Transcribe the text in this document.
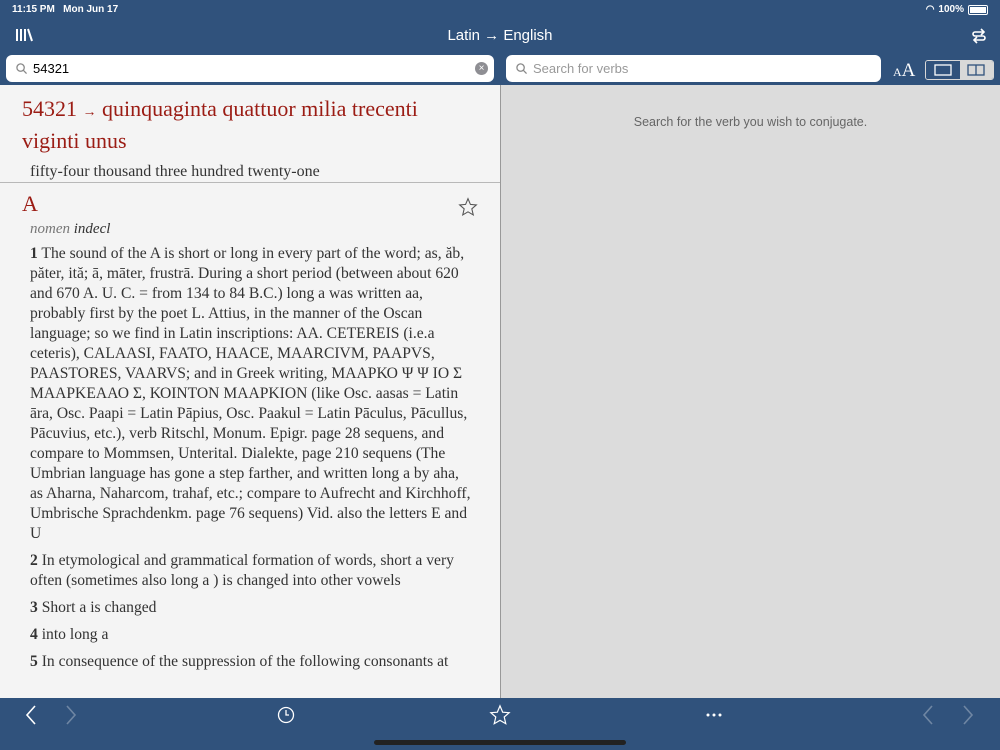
11:15 PM Mon Jun 17	◠ 100%
Latin → English
54321
×
Search for verbs	AA
54321 → quinquaginta quattuor milia trecenti viginti unus
fifty-four thousand three hundred twenty-one
A
nomen indecl
1 The sound of the A is short or long in every part of the word; as, ăb, păter, ită; ā, māter, frustrā. During a short period (between about 620 and 670 A. U. C. = from 134 to 84 B.C.) long a was written aa, probably first by the poet L. Attius, in the manner of the Oscan language; so we find in Latin inscriptions: AA. CETEREIS (i.e.a ceteris), CALAASI, FAATO, HAACE, MAARCIVM, PAAPVS, PAASTORES, VAARVS; and in Greek writing, ΜΑΑΡΚΟ Ψ Ψ ΙΟ Σ ΜΑΑΡΚΕΑΑΟ Σ, ΚΟΙΝΤΟΝ ΜΑΑΡΚΙΟΝ (like Osc. aasas = Latin āra, Osc. Paapi = Latin Pāpius, Osc. Paakul = Latin Pāculus, Pācullus, Pācuvius, etc.), verb Ritschl, Monum. Epigr. page 28 sequens, and compare to Mommsen, Unterital. Dialekte, page 210 sequens (The Umbrian language has gone a step farther, and written long a by aha, as Aharna, Naharcom, trahaf, etc.; compare to Aufrecht and Kirchhoff, Umbrische Sprachdenkm. page 76 sequens) Vid. also the letters E and U
2 In etymological and grammatical formation of words, short a very often (sometimes also long a ) is changed into other vowels
3 Short a is changed
4 into long a
5 In consequence of the suppression of the following consonants at
Search for the verb you wish to conjugate.
